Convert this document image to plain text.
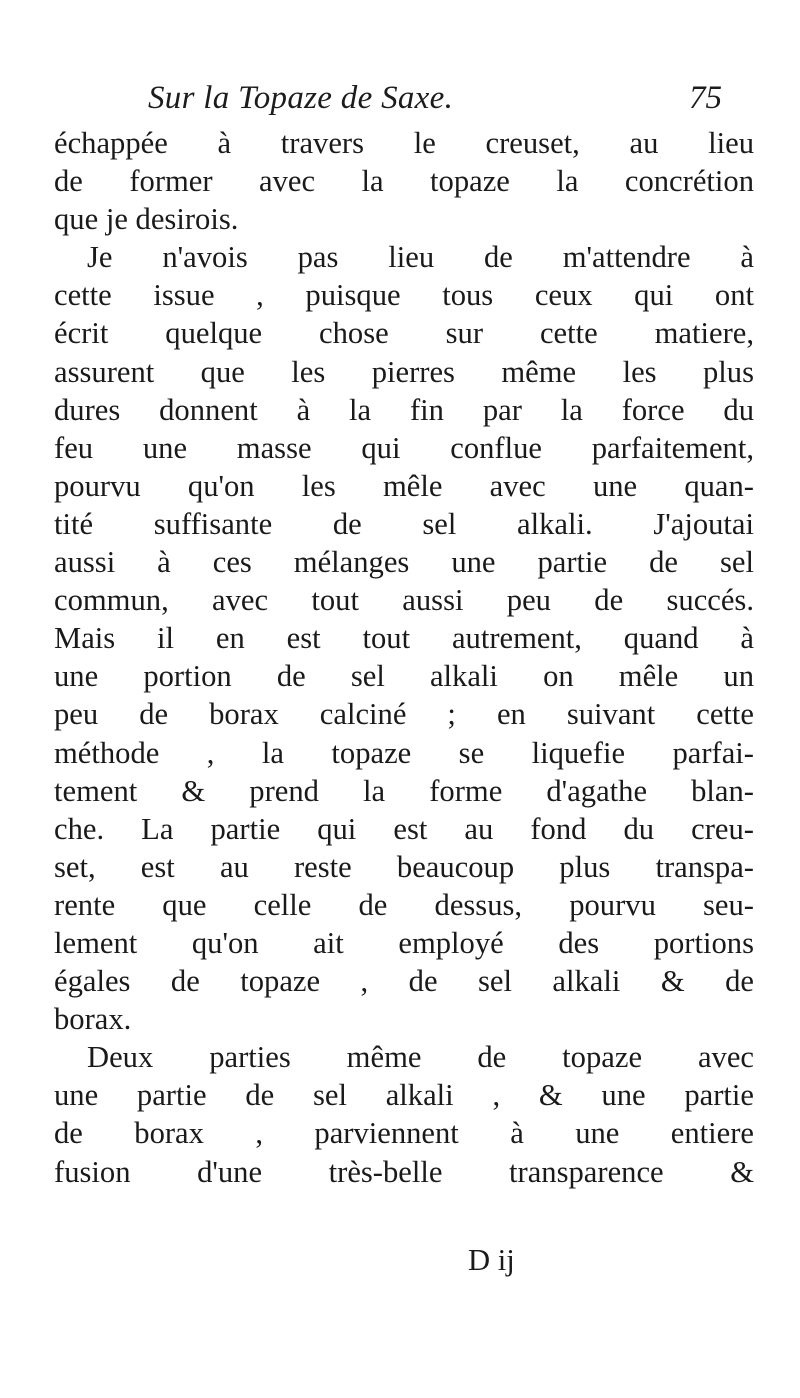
Sur la Topaze de Saxe.	75
échappée à travers le creuset, au lieu
de former avec la topaze la concrétion
que je desirois.
Je n'avois pas lieu de m'attendre à
cette issue , puisque tous ceux qui ont
écrit quelque chose sur cette matiere,
assurent que les pierres même les plus
dures donnent à la fin par la force du
feu une masse qui conflue parfaitement,
pourvu qu'on les mêle avec une quan-
tité suffisante de sel alkali. J'ajoutai
aussi à ces mélanges une partie de sel
commun, avec tout aussi peu de succés.
Mais il en est tout autrement, quand à
une portion de sel alkali on mêle un
peu de borax calciné ; en suivant cette
méthode , la topaze se liquefie parfai-
tement & prend la forme d'agathe blan-
che. La partie qui est au fond du creu-
set, est au reste beaucoup plus transpa-
rente que celle de dessus, pourvu seu-
lement qu'on ait employé des portions
égales de topaze , de sel alkali & de
borax.
Deux parties même de topaze avec
une partie de sel alkali , & une partie
de borax , parviennent à une entiere
fusion d'une très-belle transparence &
D ij
